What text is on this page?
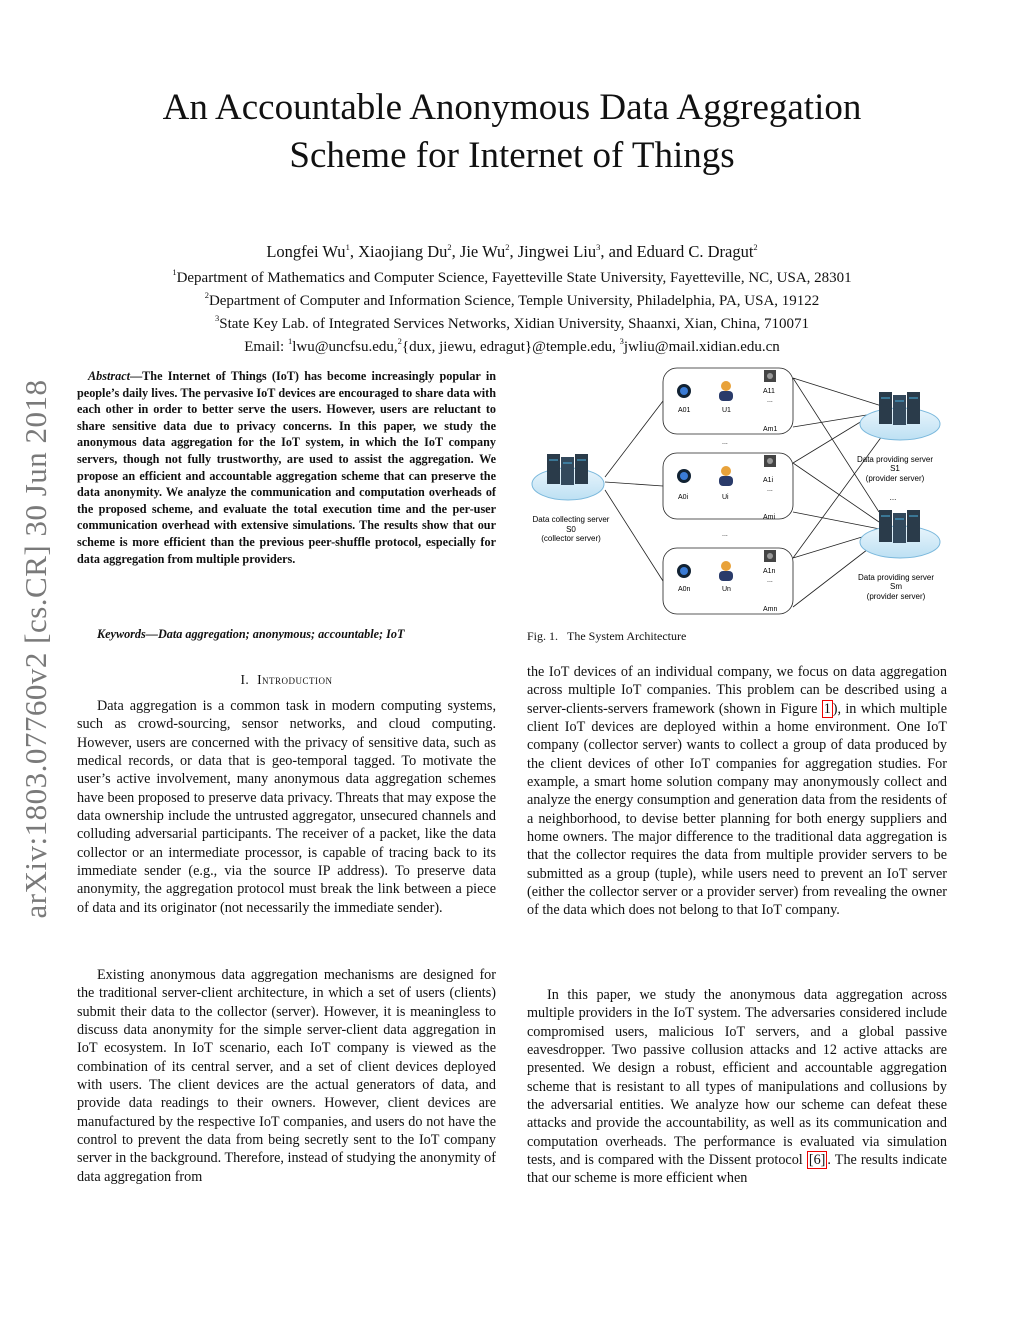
arXiv:1803.07760v2 [cs.CR] 30 Jun 2018
An Accountable Anonymous Data Aggregation
Scheme for Internet of Things
Longfei Wu$^1$, Xiaojiang Du$^2$, Jie Wu$^2$, Jingwei Liu$^3$, and Eduard C. Dragut$^2$
$^1$Department of Mathematics and Computer Science, Fayetteville State University, Fayetteville, NC, USA, 28301
$^2$Department of Computer and Information Science, Temple University, Philadelphia, PA, USA, 19122
$^3$State Key Lab. of Integrated Services Networks, Xidian University, Shaanxi, Xian, China, 710071
Email: $^1$lwu@uncfsu.edu,$^2${dux, jiewu, edragut}@temple.edu, $^3$jwliu@mail.xidian.edu.cn
Abstract—The Internet of Things (IoT) has become increasingly popular in people’s daily lives. The pervasive IoT devices are encouraged to share data with each other in order to better serve the users. However, users are reluctant to share sensitive data due to privacy concerns. In this paper, we study the anonymous data aggregation for the IoT system, in which the IoT company servers, though not fully trustworthy, are used to assist the aggregation. We propose an efficient and accountable aggregation scheme that can preserve the data anonymity. We analyze the communication and computation overheads of the proposed scheme, and evaluate the total execution time and the per-user communication overhead with extensive simulations. The results show that our scheme is more efficient than the previous peer-shuffle protocol, especially for data aggregation from multiple providers.
Keywords—Data aggregation; anonymous; accountable; IoT
I. Introduction

Data aggregation is a common task in modern computing systems, such as crowd-sourcing, sensor networks, and cloud computing. However, users are concerned with the privacy of sensitive data, such as medical records, or data that is geo-temporal tagged. To motivate the user’s active involvement, many anonymous data aggregation schemes have been proposed to preserve data privacy. Threats that may expose the data ownership include the untrusted aggregator, unsecured channels and colluding adversarial participants. The receiver of a packet, like the data collector or an intermediate processor, is capable of tracing back to its immediate sender (e.g., via the source IP address). To preserve data anonymity, the aggregation protocol must break the link between a piece of data and its originator (not necessarily the immediate sender).

Existing anonymous data aggregation mechanisms are designed for the traditional server-client architecture, in which a set of users (clients) submit their data to the collector (server). However, it is meaningless to discuss data anonymity for the simple server-client data aggregation in IoT ecosystem. In IoT scenario, each IoT company is viewed as the combination of its central server, and a set of client devices deployed with users. The client devices are the actual generators of data, and provide data readings to their owners. However, client devices are manufactured by the respective IoT companies, and users do not have the control to prevent the data from being secretly sent to the IoT company server in the background. Therefore, instead of studying the anonymity of data aggregation from

Data collecting server
S0
(collector server)
A01	U1
A11
...
Am1
A0i	Ui
A1i
...
Ami
A0n	Un
A1n
...
Amn
...
...
Data providing server
S1
(provider server)
...
Data providing server
Sm
(provider server)
Fig. 1. The System Architecture

the IoT devices of an individual company, we focus on data aggregation across multiple IoT companies. This problem can be described using a server-clients-servers framework (shown in Figure 1 ), in which multiple client IoT devices are deployed within a home environment. One IoT company (collector server) wants to collect a group of data produced by the client devices of other IoT companies for aggregation studies. For example, a smart home solution company may anonymously collect and analyze the energy consumption and generation data from the residents of a neighborhood, to devise better planning for both energy suppliers and home owners. The major difference to the traditional data aggregation is that the collector requires the data from multiple provider servers to be submitted as a group (tuple), while users need to prevent an IoT server (either the collector server or a provider server) from revealing the owner of the data which does not belong to that IoT company.

In this paper, we study the anonymous data aggregation across multiple providers in the IoT system. The adversaries considered include compromised users, malicious IoT servers, and a global passive eavesdropper. Two passive collusion attacks and 12 active attacks are presented. We design a robust, efficient and accountable aggregation scheme that is resistant to all types of manipulations and collusions by the adversarial entities. We analyze how our scheme can defeat these attacks and provide the accountability, as well as its communication and computation overheads. The performance is evaluated via simulation tests, and is compared with the Dissent protocol [6] . The results indicate that our scheme is more efficient when
